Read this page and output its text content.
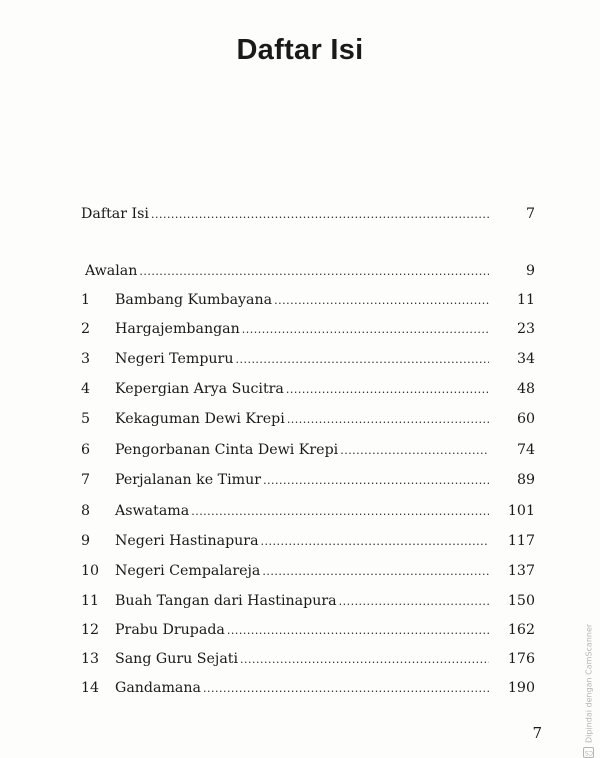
Daftar Isi
Daftar Isi . . .	7
Awalan . . .	9
1	Bambang Kumbayana . . .	11
2	Hargajembangan . . .	23
3	Negeri Tempuru . . .	34
4	Kepergian Arya Sucitra . . .	48
5	Kekaguman Dewi Krepi . . .	60
6	Pengorbanan Cinta Dewi Krepi . . .	74
7	Perjalanan ke Timur . . .	89
8	Aswatama . . .	101
9	Negeri Hastinapura . . .	117
10	Negeri Cempalareja . . .	137
11	Buah Tangan dari Hastinapura . . .	150
12	Prabu Drupada . . .	162
13	Sang Guru Sejati . . .	176
14	Gandamana . . .	190
7
CS
Dipindai dengan CamScanner
